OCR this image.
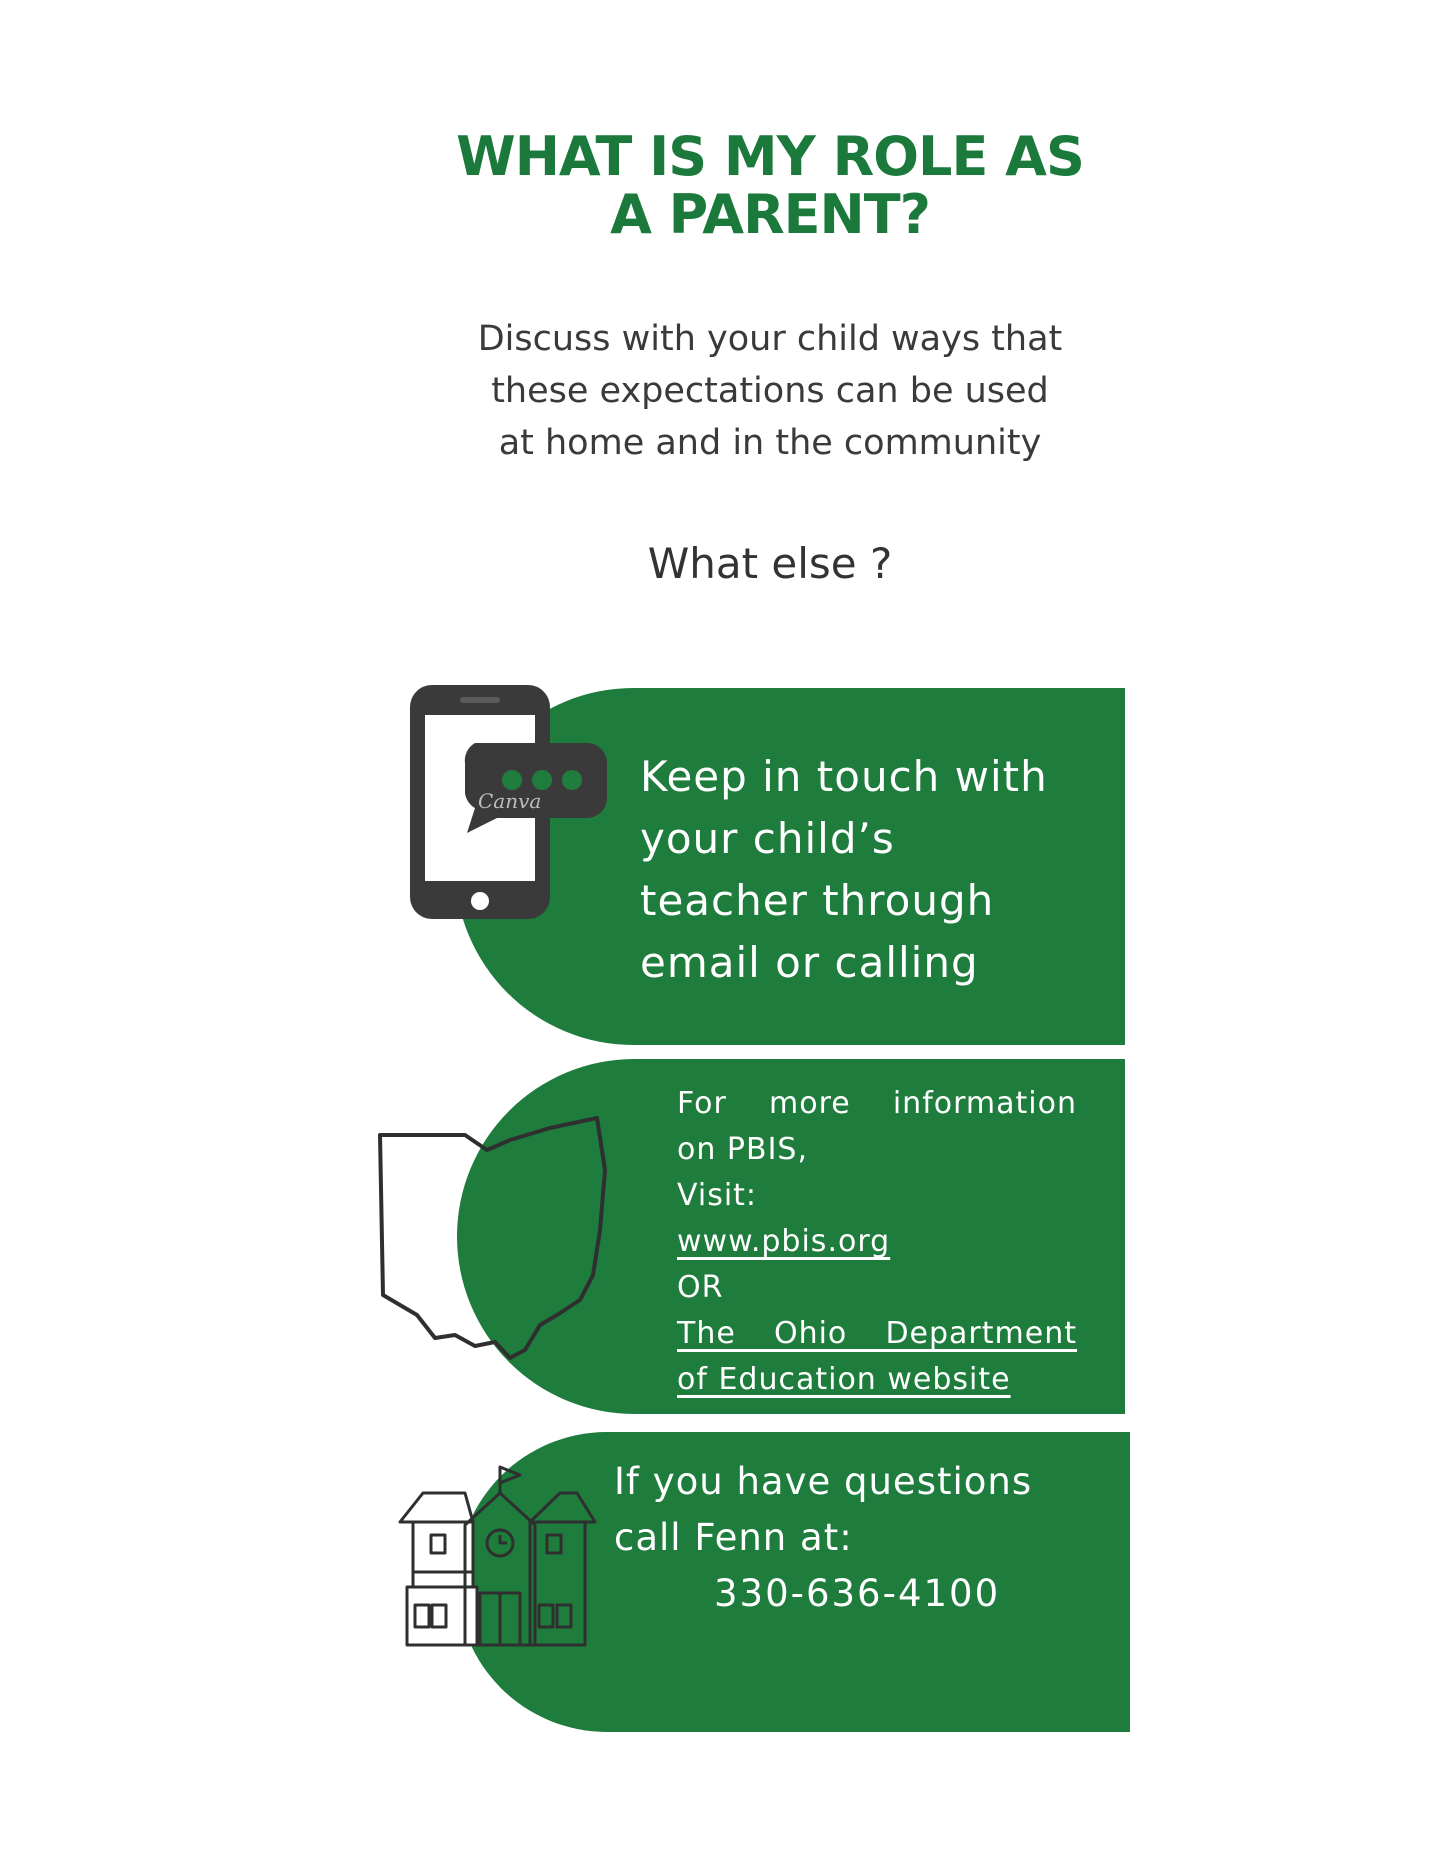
WHAT IS MY ROLE AS
A PARENT?

Discuss with your child ways that
these expectations can be used
at home and in the community

What else ?

Keep in touch with
your child’s
teacher through
email or calling

Canva

For more information
on PBIS,
Visit:
www.pbis.org
OR
The Ohio Department
of Education website

If you have questions
call Fenn at:
330-636-4100
